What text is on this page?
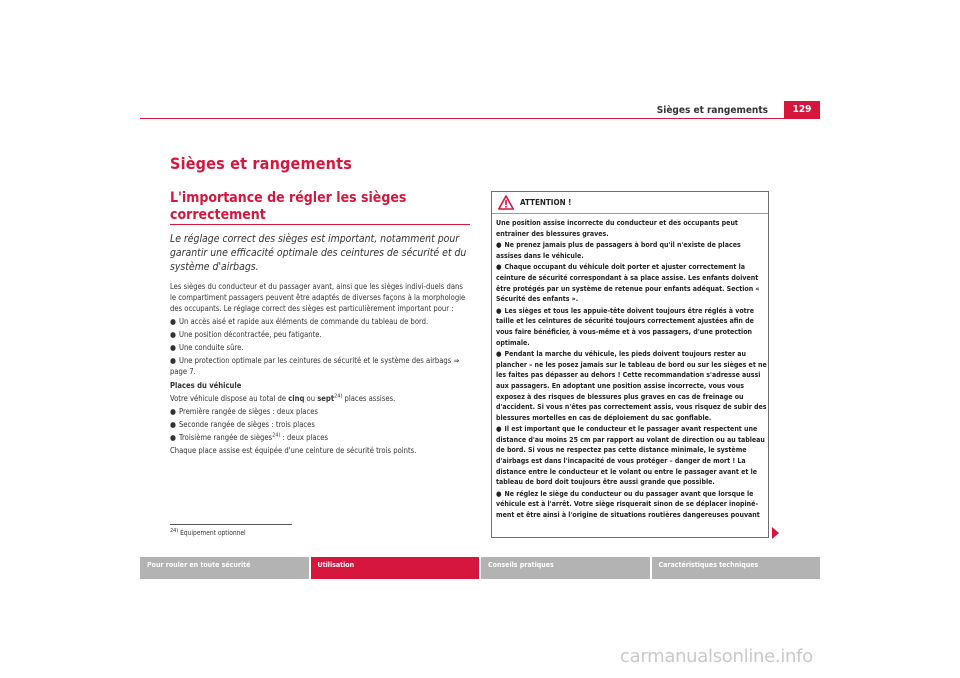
Sièges et rangements	129
Sièges et rangements
L'importance de régler les sièges correctement
Le réglage correct des sièges est important, notamment pour garantir une efficacité optimale des ceintures de sécurité et du système d'airbags.

Les sièges du conducteur et du passager avant, ainsi que les sièges indivi-duels dans le compartiment passagers peuvent être adaptés de diverses façons à la morphologie des occupants. Le réglage correct des sièges est particulièrement important pour :

● Un accès aisé et rapide aux éléments de commande du tableau de bord.
● Une position décontractée, peu fatigante.
● Une conduite sûre.
● Une protection optimale par les ceintures de sécurité et le système des airbags ⇒ page 7.

Places du véhicule

Votre véhicule dispose au total de cinq ou sept$^{24)}$ places assises.

● Première rangée de sièges : deux places
● Seconde rangée de sièges : trois places
● Troisième rangée de sièges$^{24)}$ : deux places

Chaque place assise est équipée d'une ceinture de sécurité trois points.

$^{24)}$ Équipement optionnel
ATTENTION !

Une position assise incorrecte du conducteur et des occupants peut entraîner des blessures graves.

● Ne prenez jamais plus de passagers à bord qu'il n'existe de places assises dans le véhicule.

● Chaque occupant du véhicule doit porter et ajuster correctement la ceinture de sécurité correspondant à sa place assise. Les enfants doivent être protégés par un système de retenue pour enfants adéquat. Section « Sécurité des enfants ».

● Les sièges et tous les appuie-tête doivent toujours être réglés à votre taille et les ceintures de sécurité toujours correctement ajustées afin de vous faire bénéficier, à vous-même et à vos passagers, d'une protection optimale.

● Pendant la marche du véhicule, les pieds doivent toujours rester au plancher – ne les posez jamais sur le tableau de bord ou sur les sièges et ne les faites pas dépasser au dehors ! Cette recommandation s'adresse aussi aux passagers. En adoptant une position assise incorrecte, vous vous exposez à des risques de blessures plus graves en cas de freinage ou d'accident. Si vous n'êtes pas correctement assis, vous risquez de subir des blessures mortelles en cas de déploiement du sac gonflable.

● Il est important que le conducteur et le passager avant respectent une distance d'au moins 25 cm par rapport au volant de direction ou au tableau de bord. Si vous ne respectez pas cette distance minimale, le système d'airbags est dans l'incapacité de vous protéger – danger de mort ! La distance entre le conducteur et le volant ou entre le passager avant et le tableau de bord doit toujours être aussi grande que possible.

● Ne réglez le siège du conducteur ou du passager avant que lorsque le véhicule est à l'arrêt. Votre siège risquerait sinon de se déplacer inopiné-ment et être ainsi à l'origine de situations routières dangereuses pouvant

Pour rouler en toute sécurité	Utilisation	Conseils pratiques	Caractéristiques techniques
carmanualsonline.info
